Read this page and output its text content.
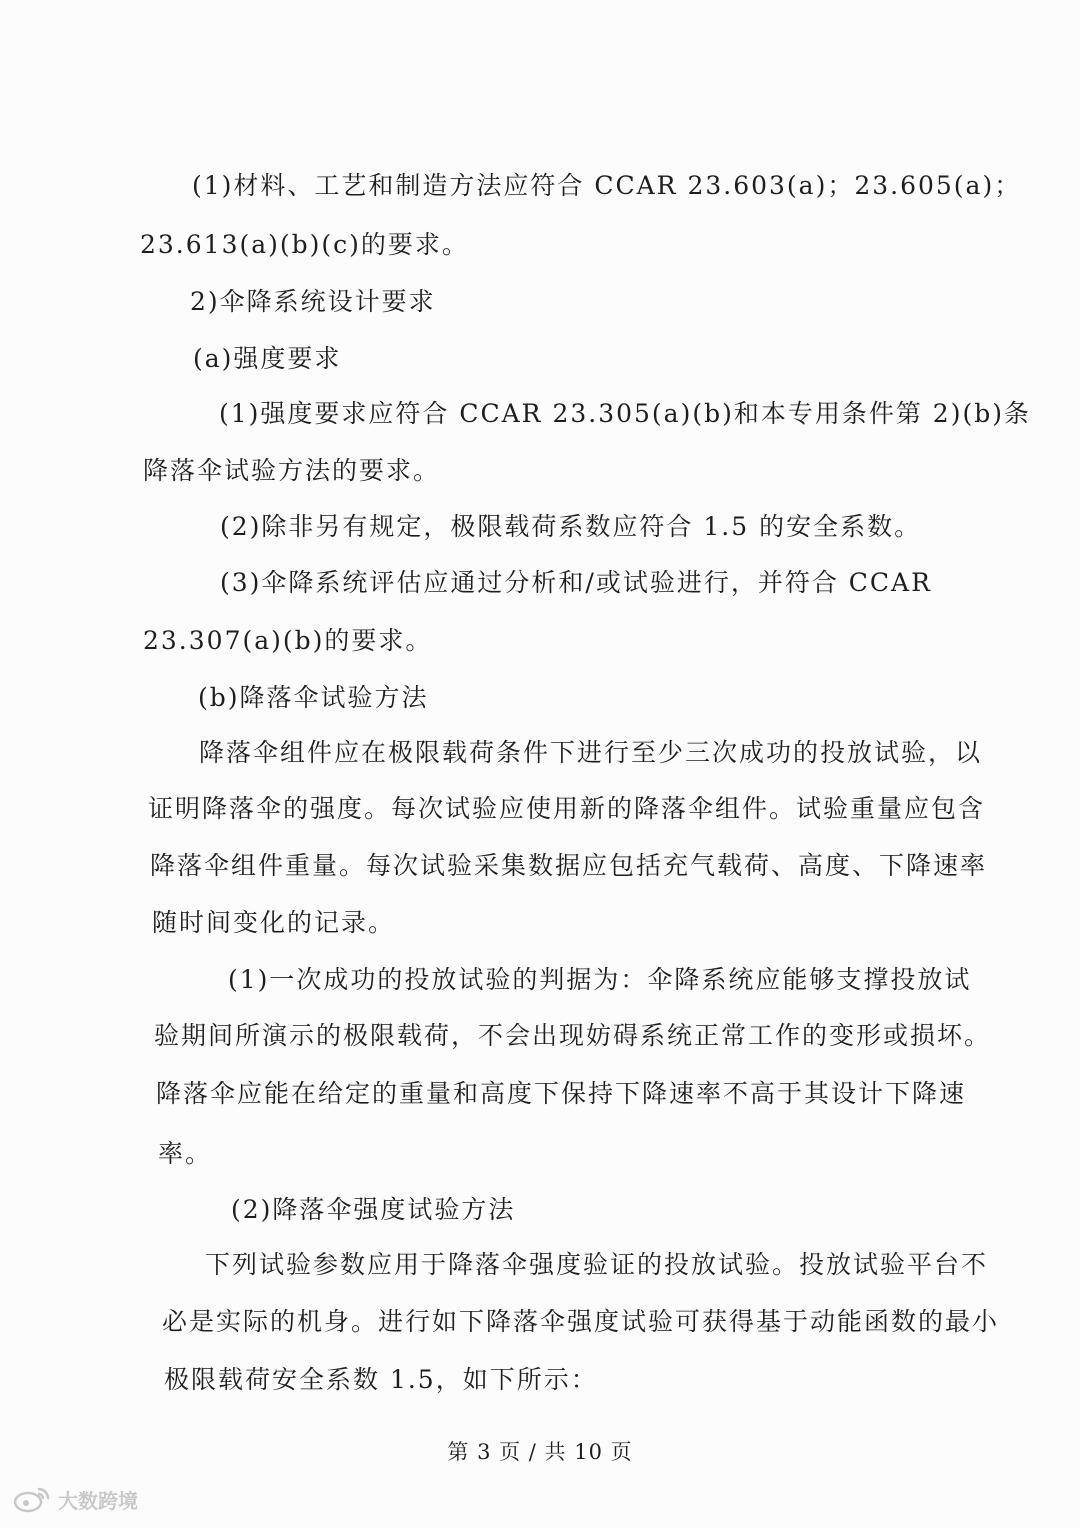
(1)材料、工艺和制造方法应符合 CCAR 23.603(a)；23.605(a)；
23.613(a)(b)(c)的要求。
2)伞降系统设计要求
(a)强度要求
(1)强度要求应符合 CCAR 23.305(a)(b)和本专用条件第 2)(b)条
降落伞试验方法的要求。
(2)除非另有规定，极限载荷系数应符合 1.5 的安全系数。
(3)伞降系统评估应通过分析和/或试验进行，并符合 CCAR
23.307(a)(b)的要求。
(b)降落伞试验方法
降落伞组件应在极限载荷条件下进行至少三次成功的投放试验，以
证明降落伞的强度。每次试验应使用新的降落伞组件。试验重量应包含
降落伞组件重量。每次试验采集数据应包括充气载荷、高度、下降速率
随时间变化的记录。
(1)一次成功的投放试验的判据为：伞降系统应能够支撑投放试
验期间所演示的极限载荷，不会出现妨碍系统正常工作的变形或损坏。
降落伞应能在给定的重量和高度下保持下降速率不高于其设计下降速
率。
(2)降落伞强度试验方法
下列试验参数应用于降落伞强度验证的投放试验。投放试验平台不
必是实际的机身。进行如下降落伞强度试验可获得基于动能函数的最小
极限载荷安全系数 1.5，如下所示：
第 3 页 / 共 10 页
大数跨境
